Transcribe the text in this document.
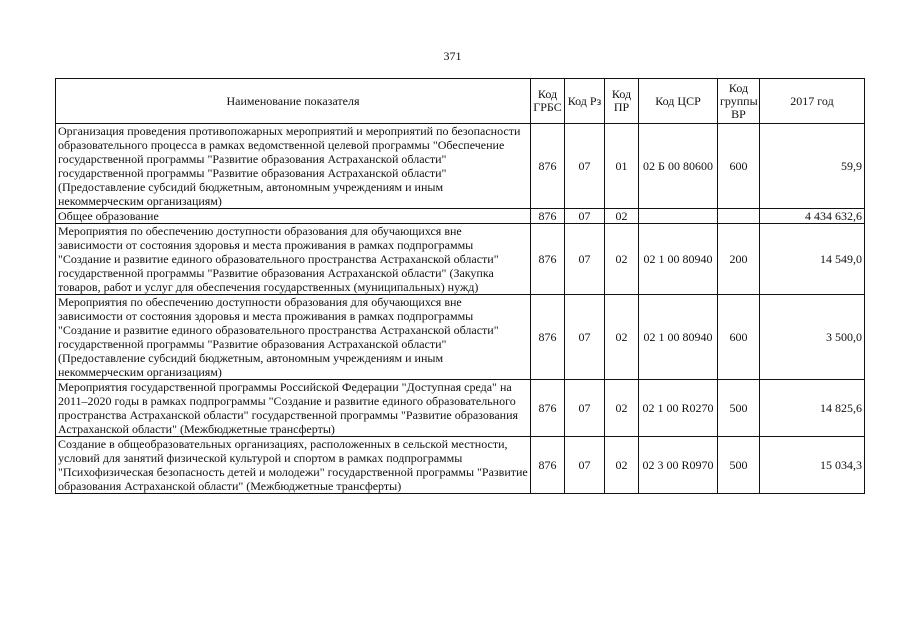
371
Наименование показателя	Код ГРБС	Код Рз	Код ПР	Код ЦСР	Код группы ВР	2017 год
Организация проведения противопожарных мероприятий и мероприятий по безопасности образовательного процесса в рамках ведомственной целевой программы "Обеспечение государственной программы "Развитие образования Астраханской области" государственной программы "Развитие образования Астраханской области" (Предоставление субсидий бюджетным, автономным учреждениям и иным некоммерческим организациям)	876	07	01	02 Б 00 80600	600	59,9
Общее образование	876	07	02			4 434 632,6
Мероприятия по обеспечению доступности образования для обучающихся вне зависимости от состояния здоровья и места проживания в рамках подпрограммы "Создание и развитие единого образовательного пространства Астраханской области" государственной программы "Развитие образования Астраханской области" (Закупка товаров, работ и услуг для обеспечения государственных (муниципальных) нужд)	876	07	02	02 1 00 80940	200	14 549,0
Мероприятия по обеспечению доступности образования для обучающихся вне зависимости от состояния здоровья и места проживания в рамках подпрограммы "Создание и развитие единого образовательного пространства Астраханской области" государственной программы "Развитие образования Астраханской области" (Предоставление субсидий бюджетным, автономным учреждениям и иным некоммерческим организациям)	876	07	02	02 1 00 80940	600	3 500,0
Мероприятия государственной программы Российской Федерации "Доступная среда" на 2011–2020 годы в рамках подпрограммы "Создание и развитие единого образовательного пространства Астраханской области" государственной программы "Развитие образования Астраханской области" (Межбюджетные трансферты)	876	07	02	02 1 00 R0270	500	14 825,6
Создание в общеобразовательных организациях, расположенных в сельской местности, условий для занятий физической культурой и спортом в рамках подпрограммы "Психофизическая безопасность детей и молодежи" государственной программы "Развитие образования Астраханской области" (Межбюджетные трансферты)	876	07	02	02 3 00 R0970	500	15 034,3
